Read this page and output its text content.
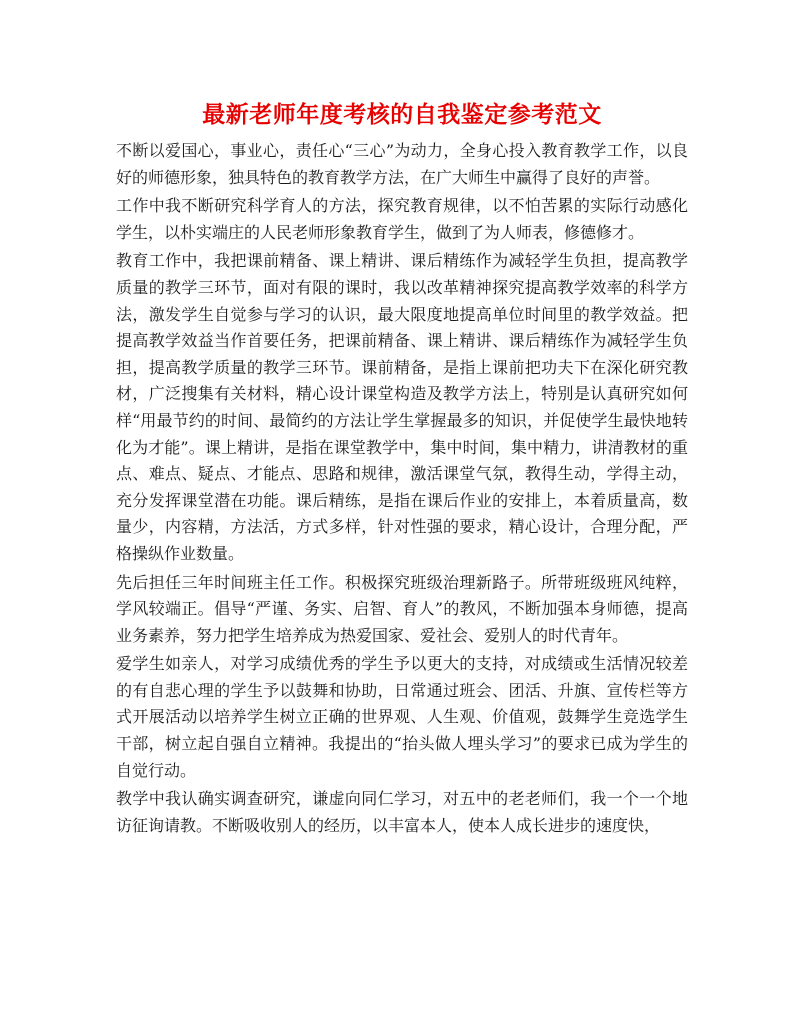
最新老师年度考核的自我鉴定参考范文

不断以爱国心，事业心，责任心“三心”为动力，全身心投入教育教学工作，以良好的师德形象，独具特色的教育教学方法，在广大师生中赢得了良好的声誉。

工作中我不断研究科学育人的方法，探究教育规律，以不怕苦累的实际行动感化学生，以朴实端庄的人民老师形象教育学生，做到了为人师表，修德修才。

教育工作中，我把课前精备、课上精讲、课后精练作为减轻学生负担，提高教学质量的教学三环节，面对有限的课时，我以改革精神探究提高教学效率的科学方法，激发学生自觉参与学习的认识，最大限度地提高单位时间里的教学效益。把提高教学效益当作首要任务，把课前精备、课上精讲、课后精练作为减轻学生负担，提高教学质量的教学三环节。课前精备，是指上课前把功夫下在深化研究教材，广泛搜集有关材料，精心设计课堂构造及教学方法上，特别是认真研究如何样“用最节约的时间、最简约的方法让学生掌握最多的知识，并促使学生最快地转化为才能”。课上精讲，是指在课堂教学中，集中时间，集中精力，讲清教材的重点、难点、疑点、才能点、思路和规律，激活课堂气氛，教得生动，学得主动，充分发挥课堂潜在功能。课后精练，是指在课后作业的安排上，本着质量高，数量少，内容精，方法活，方式多样，针对性强的要求，精心设计，合理分配，严格操纵作业数量。

先后担任三年时间班主任工作。积极探究班级治理新路子。所带班级班风纯粹，学风较端正。倡导“严谨、务实、启智、育人”的教风，不断加强本身师德，提高业务素养，努力把学生培养成为热爱国家、爱社会、爱别人的时代青年。

爱学生如亲人，对学习成绩优秀的学生予以更大的支持，对成绩或生活情况较差的有自悲心理的学生予以鼓舞和协助，日常通过班会、团活、升旗、宣传栏等方式开展活动以培养学生树立正确的世界观、人生观、价值观，鼓舞学生竞选学生干部，树立起自强自立精神。我提出的“抬头做人埋头学习”的要求已成为学生的自觉行动。

教学中我认确实调查研究，谦虚向同仁学习，对五中的老老师们，我一个一个地访征询请教。不断吸收别人的经历，以丰富本人，使本人成长进步的速度快，
